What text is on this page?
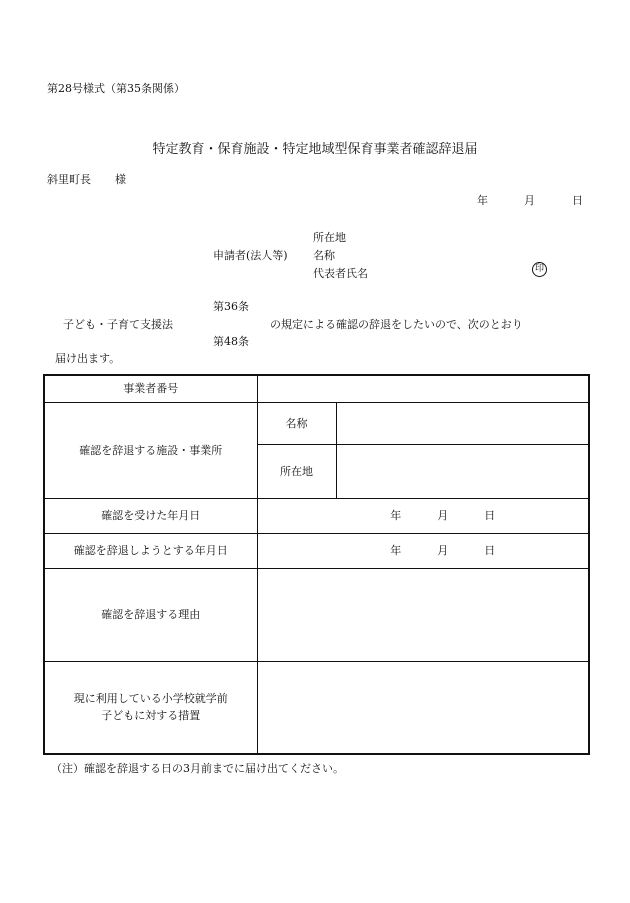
第28号様式（第35条関係）
特定教育・保育施設・特定地域型保育事業者確認辞退届
斜里町長 様
年	月	日
申請者(法人等)
所在地
名称
代表者氏名	印
第36条
子ども・子育て支援法	の規定による確認の辞退をしたいので、次のとおり
第48条
届け出ます。
事業者番号		
確認を辞退する施設・事業所	名称	
	所在地	
確認を受けた年月日	年 月 日	
確認を辞退しようとする年月日	年 月 日	
確認を辞退する理由		

現に利用している小学校就学前
子どもに対する措置		

（注）確認を辞退する日の3月前までに届け出てください。
